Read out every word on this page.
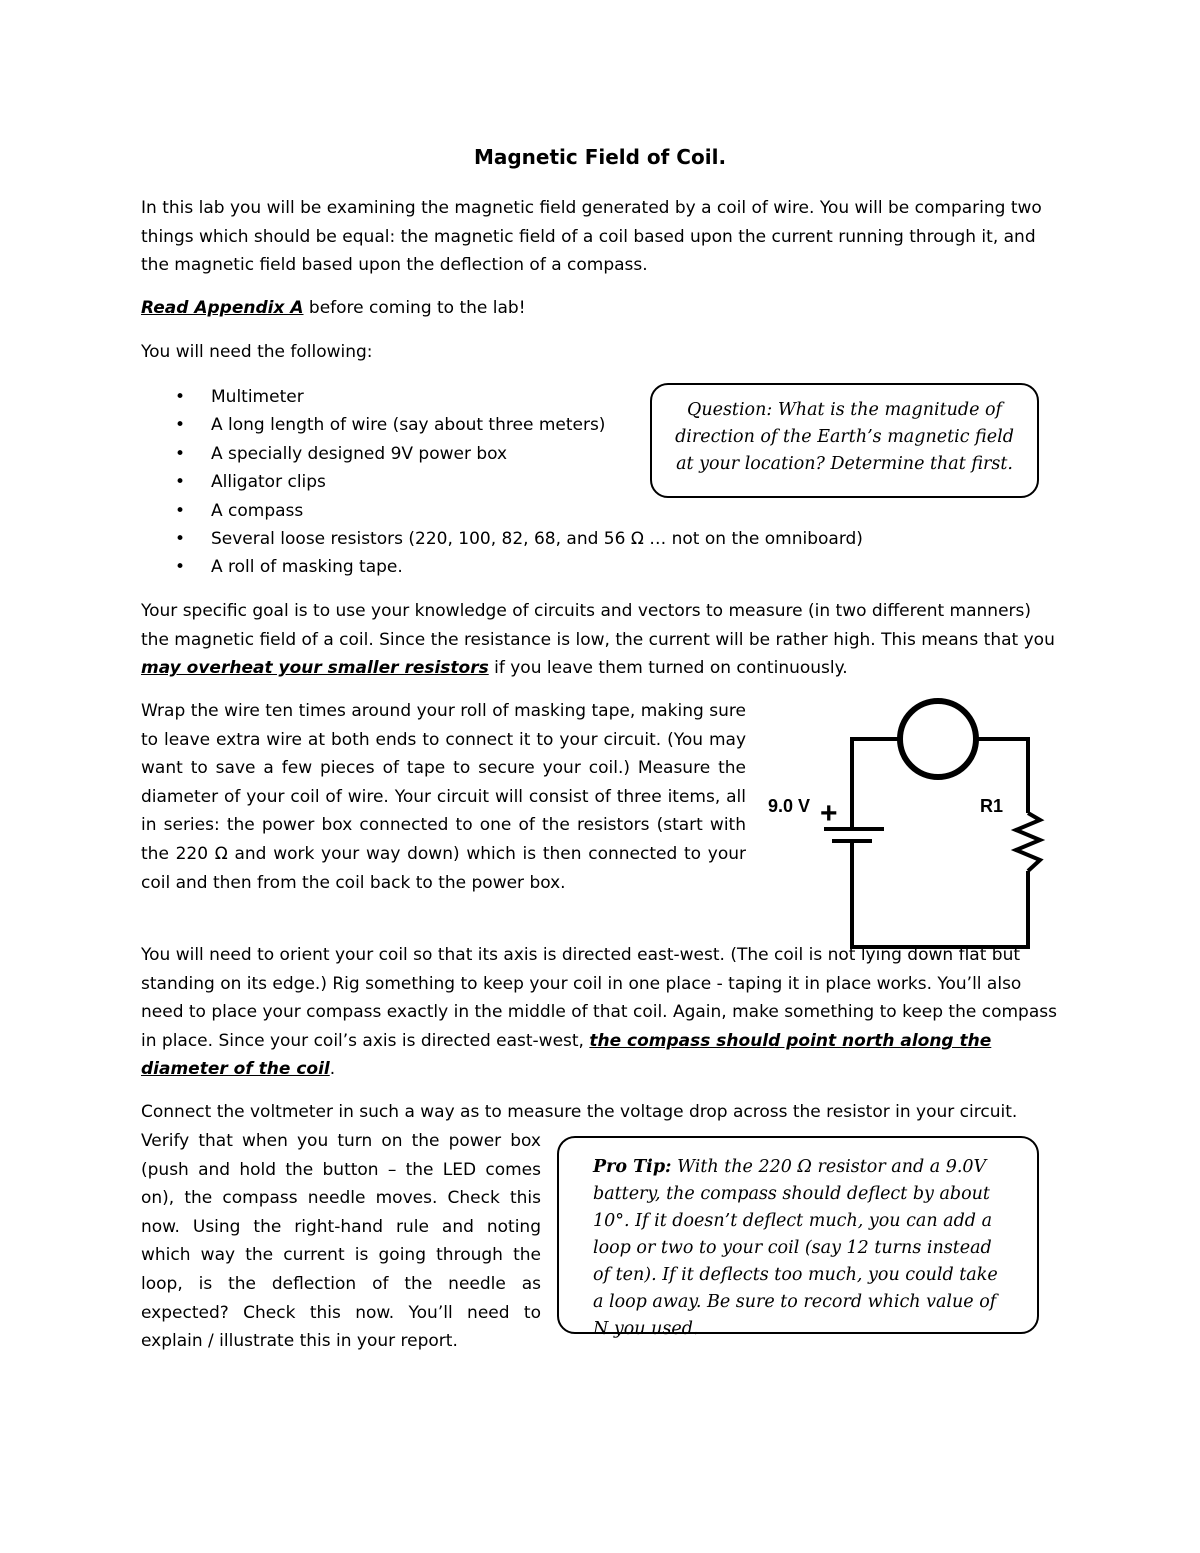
Magnetic Field of Coil.

In this lab you will be examining the magnetic field generated by a coil of wire. You will be comparing two things which should be equal: the magnetic field of a coil based upon the current running through it, and the magnetic field based upon the deflection of a compass.

Read Appendix A before coming to the lab!

You will need the following:

• Multimeter
• A long length of wire (say about three meters)
• A specially designed 9V power box
• Alligator clips
• A compass
• Several loose resistors (220, 100, 82, 68, and 56 Ω … not on the omniboard)
• A roll of masking tape.
Question: What is the magnitude of direction of the Earth’s magnetic field at your location? Determine that first.

Your specific goal is to use your knowledge of circuits and vectors to measure (in two different manners) the magnetic field of a coil. Since the resistance is low, the current will be rather high. This means that you may overheat your smaller resistors if you leave them turned on continuously.

Wrap the wire ten times around your roll of masking tape, making sure to leave extra wire at both ends to connect it to your circuit. (You may want to save a few pieces of tape to secure your coil.) Measure the diameter of your coil of wire. Your circuit will consist of three items, all in series: the power box connected to one of the resistors (start with the 220 Ω and work your way down) which is then connected to your coil and then from the coil back to the power box.

9.0 V +	R1

You will need to orient your coil so that its axis is directed east-west. (The coil is not lying down flat but standing on its edge.) Rig something to keep your coil in one place - taping it in place works. You’ll also need to place your compass exactly in the middle of that coil. Again, make something to keep the compass in place. Since your coil’s axis is directed east-west, the compass should point north along the diameter of the coil.

Connect the voltmeter in such a way as to measure the voltage drop across the resistor in your circuit.

Verify that when you turn on the power box (push and hold the button – the LED comes on), the compass needle moves. Check this now. Using the right-hand rule and noting which way the current is going through the loop, is the deflection of the needle as expected? Check this now. You’ll need to explain / illustrate this in your report.

Pro Tip: With the 220 Ω resistor and a 9.0V battery, the compass should deflect by about 10°. If it doesn’t deflect much, you can add a loop or two to your coil (say 12 turns instead of ten). If it deflects too much, you could take a loop away. Be sure to record which value of N you used.
